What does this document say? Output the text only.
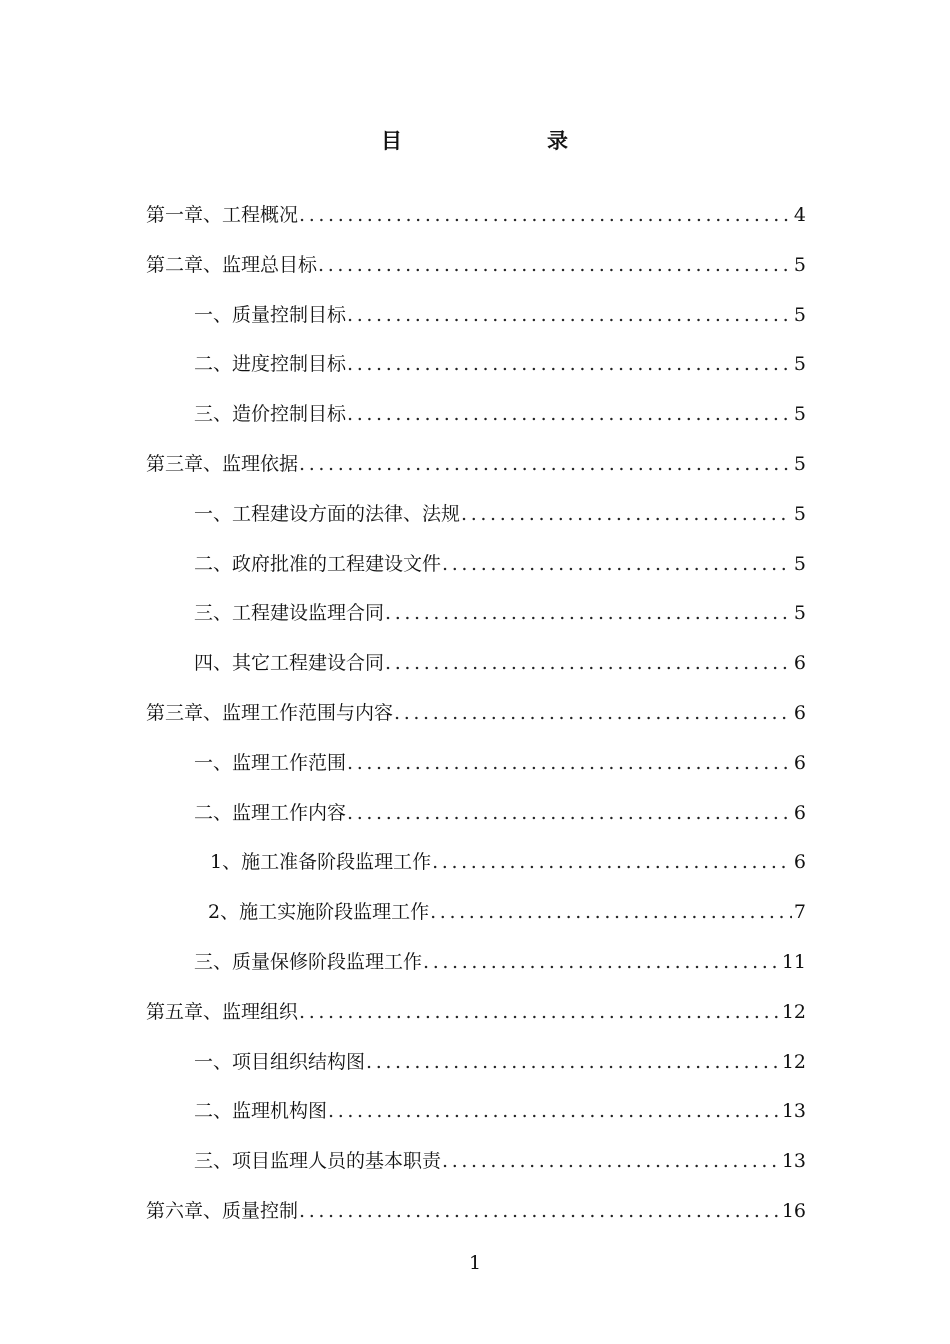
目	录
第一章、工程概况 . . .	4
第二章、监理总目标 . . .	5
一、质量控制目标 . . .	5
二、进度控制目标 . . .	5
三、造价控制目标 . . .	5
第三章、监理依据 . . .	5
一、工程建设方面的法律、法规 . . .	5
二、政府批准的工程建设文件 . . .	5
三、工程建设监理合同 . . .	5
四、其它工程建设合同 . . .	6
第三章、监理工作范围与内容 . . .	6
一、监理工作范围 . . .	6
二、监理工作内容 . . .	6
1、施工准备阶段监理工作 . . .	6
2、施工实施阶段监理工作 . . .	7
三、质量保修阶段监理工作 . . .	11
第五章、监理组织 . . .	12
一、项目组织结构图 . . .	12
二、监理机构图 . . .	13
三、项目监理人员的基本职责 . . .	13
第六章、质量控制 . . .	16
1
